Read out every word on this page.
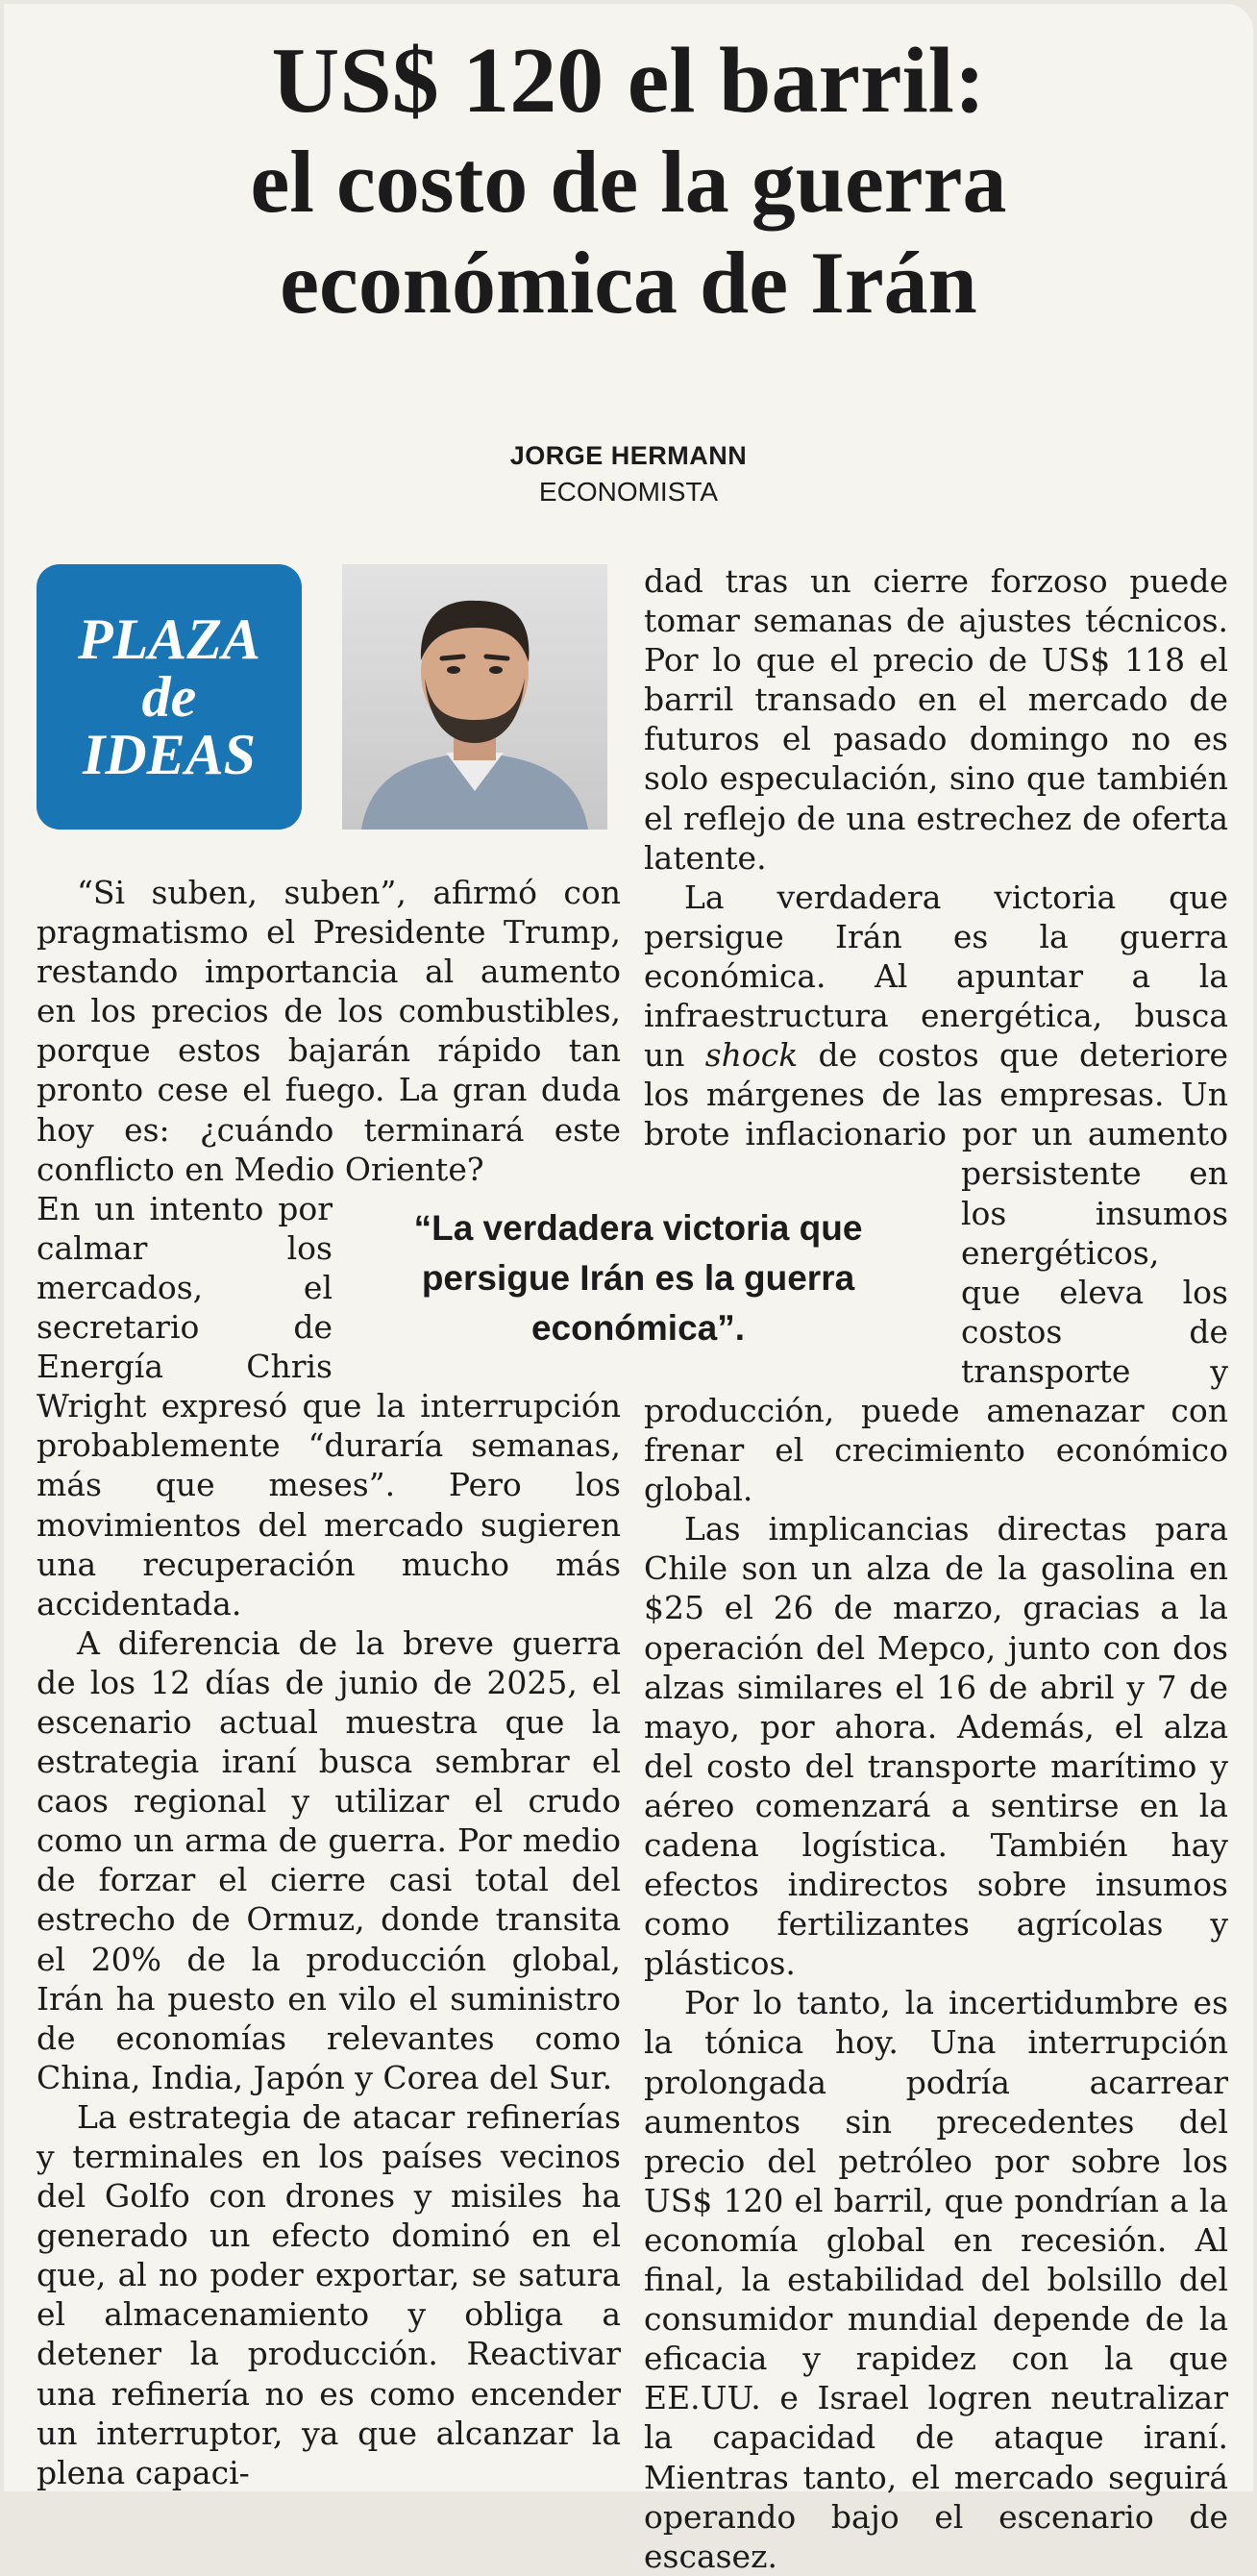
US$ 120 el barril:
el costo de la guerra
económica de Irán
JORGE HERMANN
ECONOMISTA
PLAZA
de
IDEAS

“Si suben, suben”, afirmó con pragmatismo el Presidente Trump, restando importancia al aumento en los precios de los combustibles, porque estos bajarán rápido tan pronto cese el fuego. La gran duda hoy es: ¿cuándo terminará este conflicto en Medio Oriente?

En un intento por calmar los mercados, el secretario de Energía Chris Wright expresó que la interrupción probablemente “duraría semanas, más que meses”. Pero los movimientos del mercado sugieren una recuperación mucho más accidentada.

A diferencia de la breve guerra de los 12 días de junio de 2025, el escenario actual muestra que la estrategia iraní busca sembrar el caos regional y utilizar el crudo como un arma de guerra. Por medio de forzar el cierre casi total del estrecho de Ormuz, donde transita el 20% de la producción global, Irán ha puesto en vilo el suministro de economías relevantes como China, India, Japón y Corea del Sur.

La estrategia de atacar refinerías y terminales en los países vecinos del Golfo con drones y misiles ha generado un efecto dominó en el que, al no poder exportar, se satura el almacenamiento y obliga a detener la producción. Reactivar una refinería no es como encender un interruptor, ya que alcanzar la plena capaci-

dad tras un cierre forzoso puede tomar semanas de ajustes técnicos. Por lo que el precio de US$ 118 el barril transado en el mercado de futuros el pasado domingo no es solo especulación, sino que también el reflejo de una estrechez de oferta latente.

La verdadera victoria que persigue Irán es la guerra económica. Al apuntar a la infraestructura energética, busca un shock de costos que deteriore los márgenes de las empresas. Un brote inflacionario por un aumento persistente en los insumos energéticos, que eleva los costos de transporte y producción, puede amenazar con frenar el crecimiento económico global.

Las implicancias directas para Chile son un alza de la gasolina en $25 el 26 de marzo, gracias a la operación del Mepco, junto con dos alzas similares el 16 de abril y 7 de mayo, por ahora. Además, el alza del costo del transporte marítimo y aéreo comenzará a sentirse en la cadena logística. También hay efectos indirectos sobre insumos como fertilizantes agrícolas y plásticos.

Por lo tanto, la incertidumbre es la tónica hoy. Una interrupción prolongada podría acarrear aumentos sin precedentes del precio del petróleo por sobre los US$ 120 el barril, que pondrían a la economía global en recesión. Al final, la estabilidad del bolsillo del consumidor mundial depende de la eficacia y rapidez con la que EE.UU. e Israel logren neutralizar la capacidad de ataque iraní. Mientras tanto, el mercado seguirá operando bajo el escenario de escasez.

“La verdadera victoria que persigue Irán es la guerra económica”.
